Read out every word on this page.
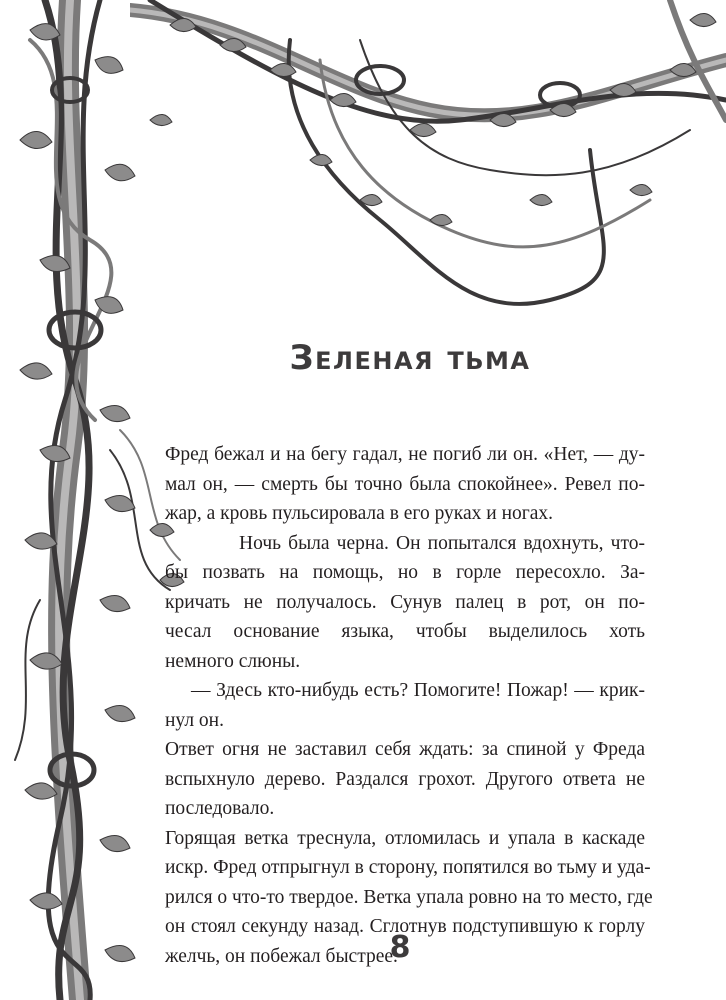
Зеленая тьма
Фред бежал и на бегу гадал, не погиб ли он. «Нет, — ду-
мал он, — смерть бы точно была спокойнее». Ревел по-
жар, а кровь пульсировала в его руках и ногах.
Ночь была черна. Он попытался вдохнуть, что-
бы позвать на помощь, но в горле пересохло. За-
кричать не получалось. Сунув палец в рот, он по-
чесал основание языка, чтобы выделилось хоть
немного слюны.
— Здесь кто-нибудь есть? Помогите! Пожар! — крик-
нул он.
Ответ огня не заставил себя ждать: за спиной у Фреда
вспыхнуло дерево. Раздался грохот. Другого ответа не
последовало.
Горящая ветка треснула, отломилась и упала в каскаде
искр. Фред отпрыгнул в сторону, попятился во тьму и уда-
рился о что-то твердое. Ветка упала ровно на то место, где
он стоял секунду назад. Сглотнув подступившую к горлу
желчь, он побежал быстрее.
8
